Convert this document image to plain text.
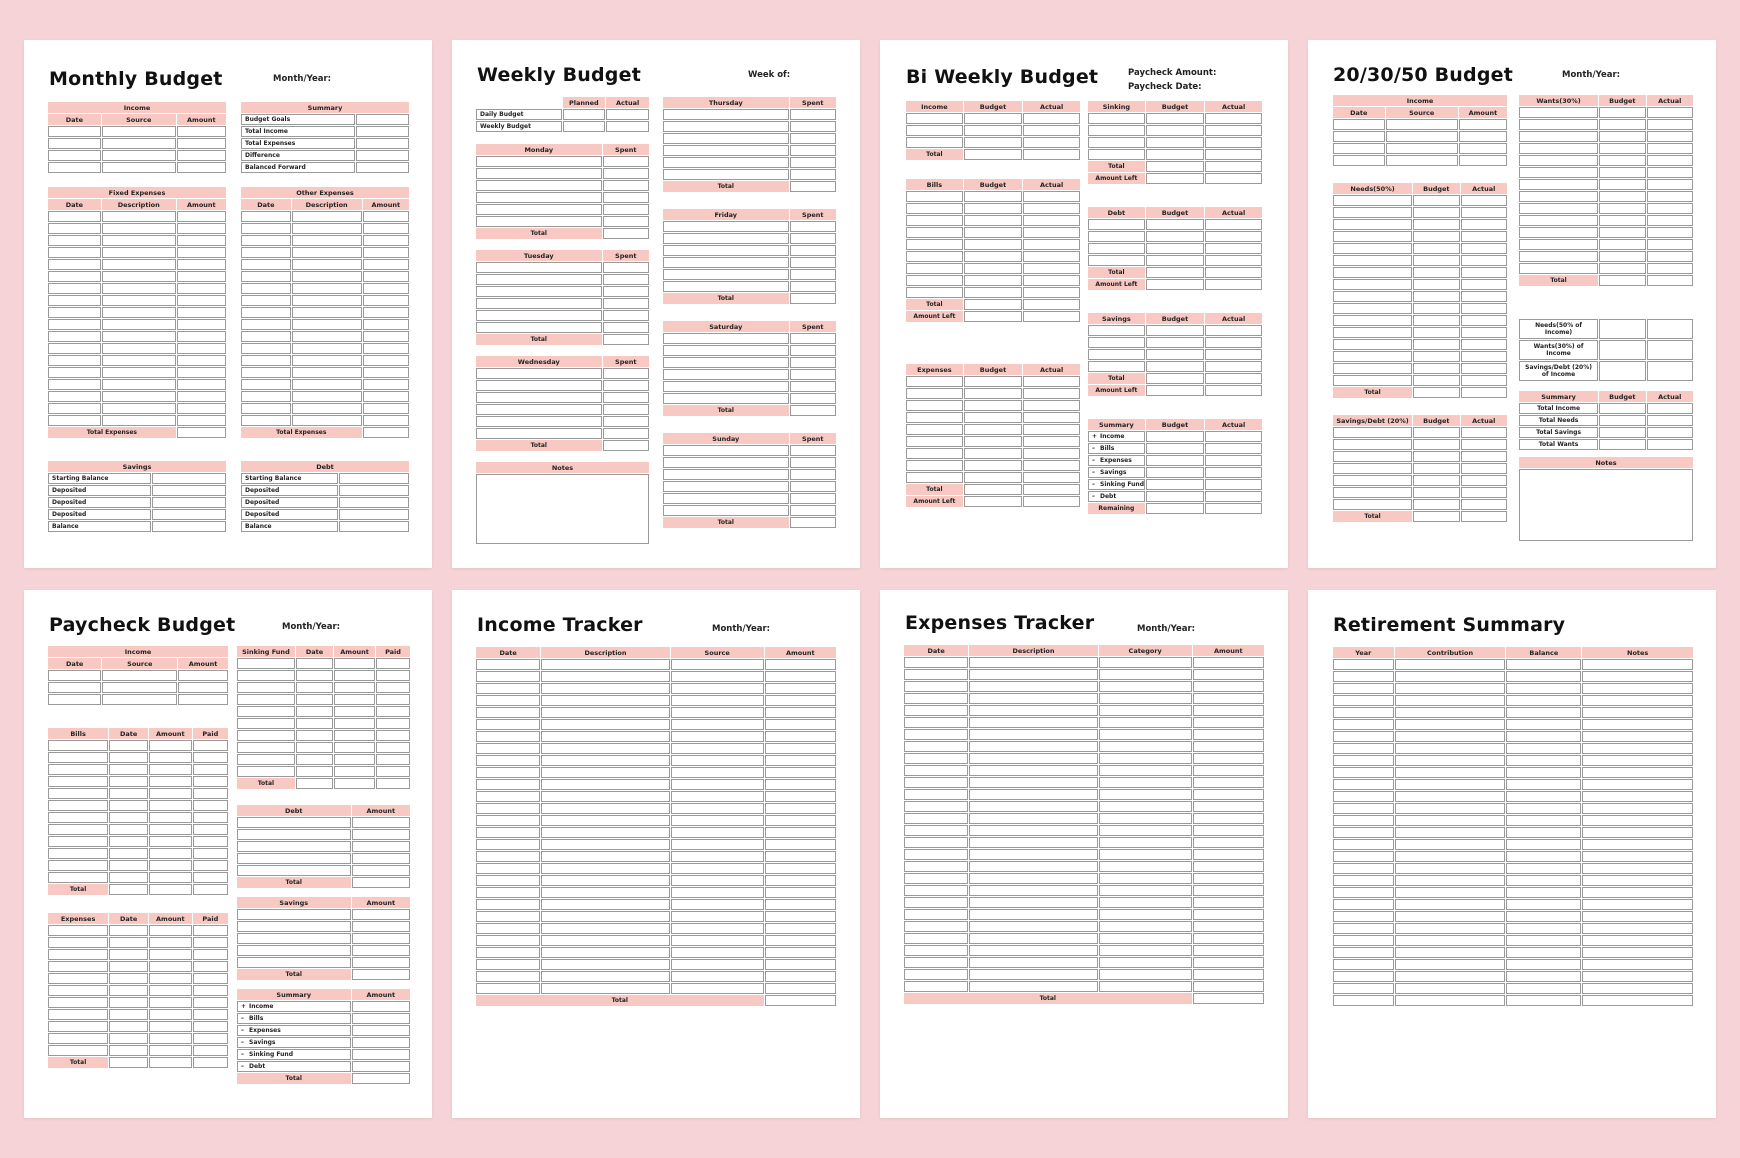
Monthly Budget	Month/Year:
Income		
Date	Source	Amount

Summary	
Budget Goals	
Total Income	
Total Expenses	
Difference	
Balanced Forward	
Fixed Expenses		
Date	Description	Amount

Total Expenses		
Other Expenses		
Date	Description	Amount

Total Expenses		
Savings	
Starting Balance	
Deposited	
Deposited	
Deposited	
Balance	
Debt	
Starting Balance	
Deposited	
Deposited	
Deposited	
Balance	
Weekly Budget	Week of:
	Planned	Actual
Daily Budget		
Weekly Budget		
Monday	Spent

Total	
Tuesday	Spent

Total	
Wednesday	Spent

Total	
Notes

Thursday	Spent

Total	
Friday	Spent

Total	
Saturday	Spent

Total	
Sunday	Spent

Total	
Bi Weekly Budget	Paycheck Amount:
Paycheck Date:
Income	Budget	Actual

Total		
Bills	Budget	Actual

Total		
Amount Left		
Expenses	Budget	Actual

Total		
Amount Left		
Sinking	Budget	Actual

Total		
Amount Left		
Debt	Budget	Actual

Total		
Amount Left		
Savings	Budget	Actual

Total		
Amount Left		
Summary	Budget	Actual
+ Income		
– Bills		
– Expenses		
– Savings		
– Sinking Fund		
– Debt		
Remaining		
20/30/50 Budget	Month/Year:
Income		
Date	Source	Amount

Needs(50%)	Budget	Actual

Total		
Savings/Debt (20%)	Budget	Actual

Total		
Wants(30%)	Budget	Actual

Total		
Needs(50% of Income)		
Wants(30%) of Income		
Savings/Debt (20%) of Income		
Summary	Budget	Actual
Total Income		
Total Needs		
Total Savings		
Total Wants		
Notes

Paycheck Budget	Month/Year:
Income		
Date	Source	Amount

Bills	Date	Amount	Paid

Total			
Expenses	Date	Amount	Paid

Total			
Sinking Fund	Date	Amount	Paid

Total			
Debt	Amount

Total	
Savings	Amount

Total	
Summary	Amount
+ Income	
– Bills	
– Expenses	
– Savings	
– Sinking Fund	
– Debt	
Total	
Income Tracker	Month/Year:
Date	Description	Source	Amount

Total			
Expenses Tracker	Month/Year:
Date	Description	Category	Amount

Total			
Retirement Summary
Year	Contribution	Balance	Notes
